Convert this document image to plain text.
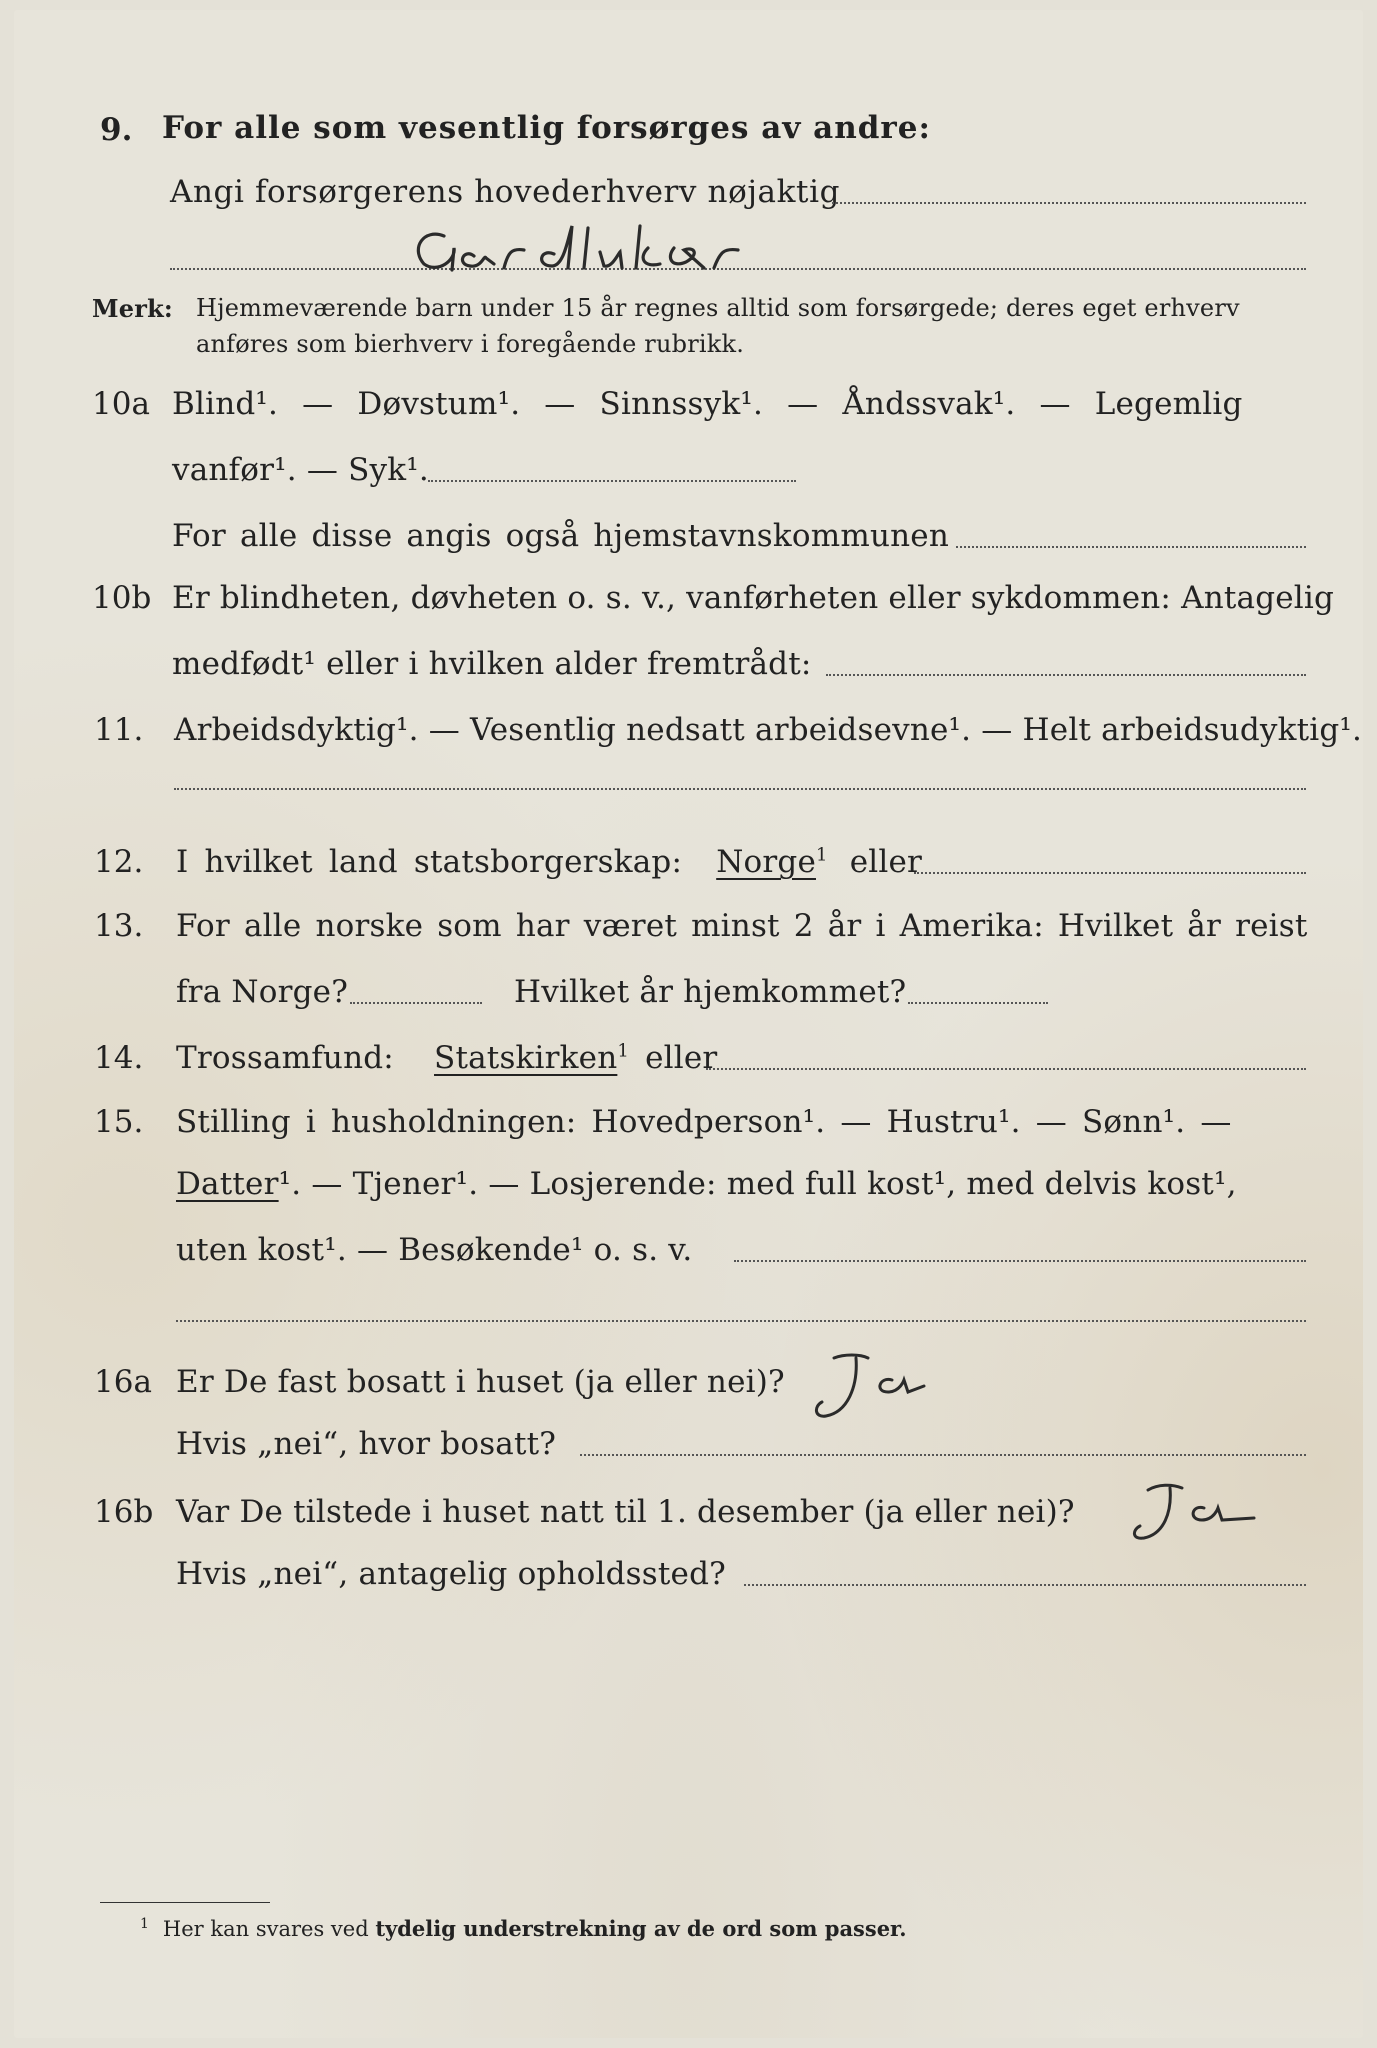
9. For alle som vesentlig forsørges av andre:
Angi forsørgerens hovederhverv nøjaktig
Merk: Hjemmeværende barn under 15 år regnes alltid som forsørgede; deres eget erhverv
anføres som bierhverv i foregående rubrikk.
10a Blind¹. — Døvstum¹. — Sinnssyk¹. — Åndssvak¹. — Legemlig
vanfør¹. — Syk¹.
For alle disse angis også hjemstavnskommunen
10b Er blindheten, døvheten o. s. v., vanførheten eller sykdommen: Antagelig
medfødt¹ eller i hvilken alder fremtrådt:
11. Arbeidsdyktig¹. — Vesentlig nedsatt arbeidsevne¹. — Helt arbeidsudyktig¹.
12. I hvilket land statsborgerskap: Norge$^1$ eller
13. For alle norske som har været minst 2 år i Amerika: Hvilket år reist
fra Norge?	Hvilket år hjemkommet?
14. Trossamfund: Statskirken$^1$ eller
15. Stilling i husholdningen: Hovedperson¹. — Hustru¹. — Sønn¹. —
Datter¹. — Tjener¹. — Losjerende: med full kost¹, med delvis kost¹,
uten kost¹. — Besøkende¹ o. s. v.
16a Er De fast bosatt i huset (ja eller nei)?
Hvis „nei“, hvor bosatt?
16b Var De tilstede i huset natt til 1. desember (ja eller nei)?
Hvis „nei“, antagelig opholdssted?
$^1$ Her kan svares ved tydelig understrekning av de ord som passer.
